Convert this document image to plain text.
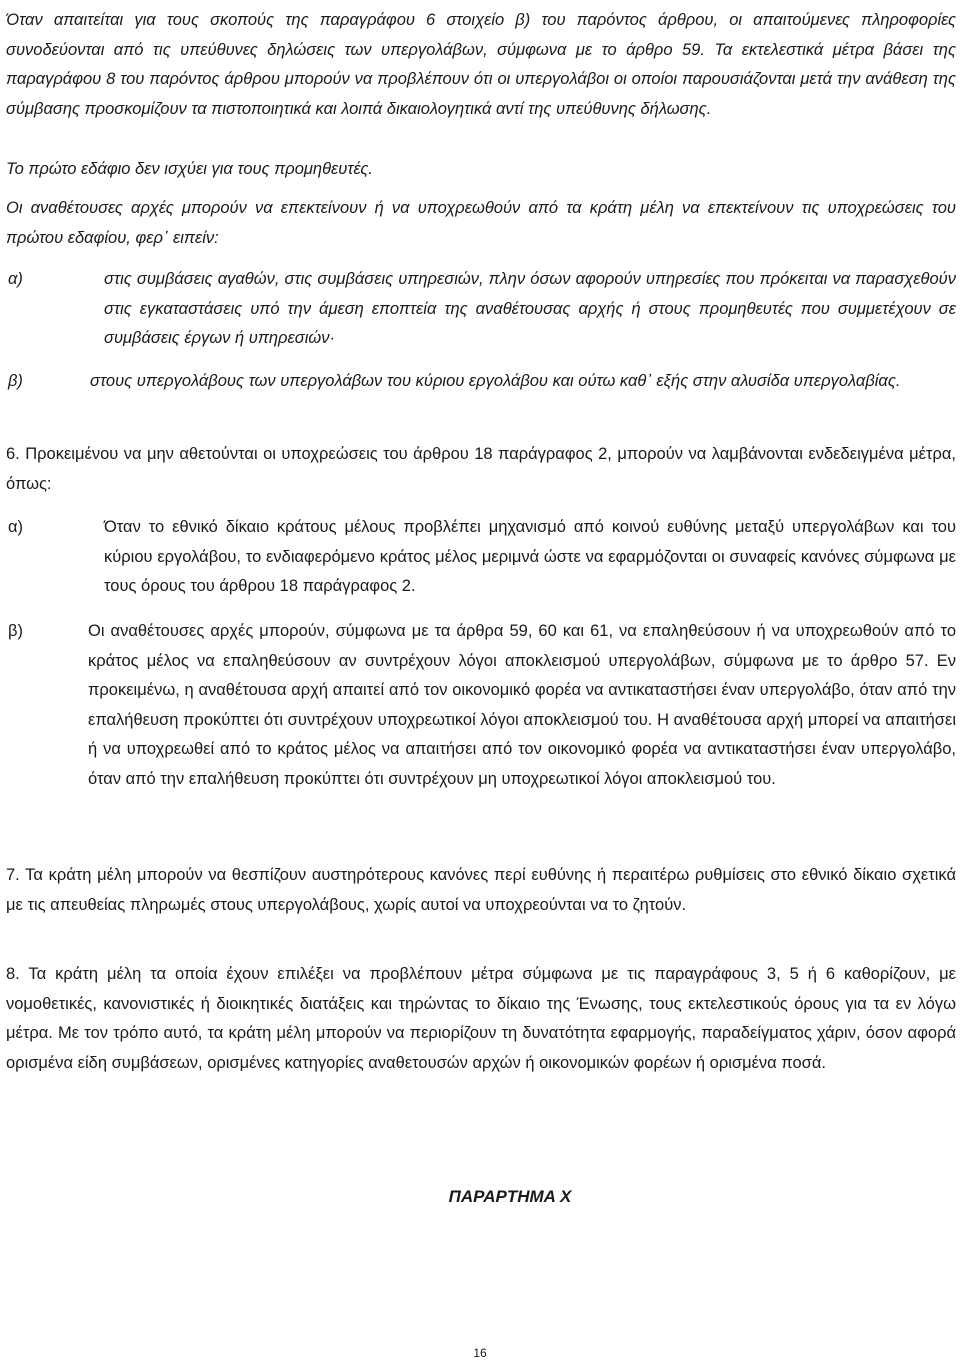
Όταν απαιτείται για τους σκοπούς της παραγράφου 6 στοιχείο β) του παρόντος άρθρου, οι απαιτούμενες πληροφορίες συνοδεύονται από τις υπεύθυνες δηλώσεις των υπεργολάβων, σύμφωνα με το άρθρο 59. Τα εκτελεστικά μέτρα βάσει της παραγράφου 8 του παρόντος άρθρου μπορούν να προβλέπουν ότι οι υπεργολάβοι οι οποίοι παρουσιάζονται μετά την ανάθεση της σύμβασης προσκομίζουν τα πιστοποιητικά και λοιπά δικαιολογητικά αντί της υπεύθυνης δήλωσης.

Το πρώτο εδάφιο δεν ισχύει για τους προμηθευτές.

Οι αναθέτουσες αρχές μπορούν να επεκτείνουν ή να υποχρεωθούν από τα κράτη μέλη να επεκτείνουν τις υποχρεώσεις του πρώτου εδαφίου, φερ᾽ ειπείν:

α)	στις συμβάσεις αγαθών, στις συμβάσεις υπηρεσιών, πλην όσων αφορούν υπηρεσίες που πρόκειται να παρασχεθούν στις εγκαταστάσεις υπό την άμεση εποπτεία της αναθέτουσας αρχής ή στους προμηθευτές που συμμετέχουν σε συμβάσεις έργων ή υπηρεσιών·

β)	στους υπεργολάβους των υπεργολάβων του κύριου εργολάβου και ούτω καθ᾽ εξής στην αλυσίδα υπεργολαβίας.

6. Προκειμένου να μην αθετούνται οι υποχρεώσεις του άρθρου 18 παράγραφος 2, μπορούν να λαμβάνονται ενδεδειγμένα μέτρα, όπως:

α)	Όταν το εθνικό δίκαιο κράτους μέλους προβλέπει μηχανισμό από κοινού ευθύνης μεταξύ υπεργολάβων και του κύριου εργολάβου, το ενδιαφερόμενο κράτος μέλος μεριμνά ώστε να εφαρμόζονται οι συναφείς κανόνες σύμφωνα με τους όρους του άρθρου 18 παράγραφος 2.

β)	Οι αναθέτουσες αρχές μπορούν, σύμφωνα με τα άρθρα 59, 60 και 61, να επαληθεύσουν ή να υποχρεωθούν από το κράτος μέλος να επαληθεύσουν αν συντρέχουν λόγοι αποκλεισμού υπεργολάβων, σύμφωνα με το άρθρο 57. Εν προκειμένω, η αναθέτουσα αρχή απαιτεί από τον οικονομικό φορέα να αντικαταστήσει έναν υπεργολάβο, όταν από την επαλήθευση προκύπτει ότι συντρέχουν υποχρεωτικοί λόγοι αποκλεισμού του. Η αναθέτουσα αρχή μπορεί να απαιτήσει ή να υποχρεωθεί από το κράτος μέλος να απαιτήσει από τον οικονομικό φορέα να αντικαταστήσει έναν υπεργολάβο, όταν από την επαλήθευση προκύπτει ότι συντρέχουν μη υποχρεωτικοί λόγοι αποκλεισμού του.

7. Τα κράτη μέλη μπορούν να θεσπίζουν αυστηρότερους κανόνες περί ευθύνης ή περαιτέρω ρυθμίσεις στο εθνικό δίκαιο σχετικά με τις απευθείας πληρωμές στους υπεργολάβους, χωρίς αυτοί να υποχρεούνται να το ζητούν.

8. Τα κράτη μέλη τα οποία έχουν επιλέξει να προβλέπουν μέτρα σύμφωνα με τις παραγράφους 3, 5 ή 6 καθορίζουν, με νομοθετικές, κανονιστικές ή διοικητικές διατάξεις και τηρώντας το δίκαιο της Ένωσης, τους εκτελεστικούς όρους για τα εν λόγω μέτρα. Με τον τρόπο αυτό, τα κράτη μέλη μπορούν να περιορίζουν τη δυνατότητα εφαρμογής, παραδείγματος χάριν, όσον αφορά ορισμένα είδη συμβάσεων, ορισμένες κατηγορίες αναθετουσών αρχών ή οικονομικών φορέων ή ορισμένα ποσά.

ΠΑΡΑΡΤΗΜΑ Χ

16
